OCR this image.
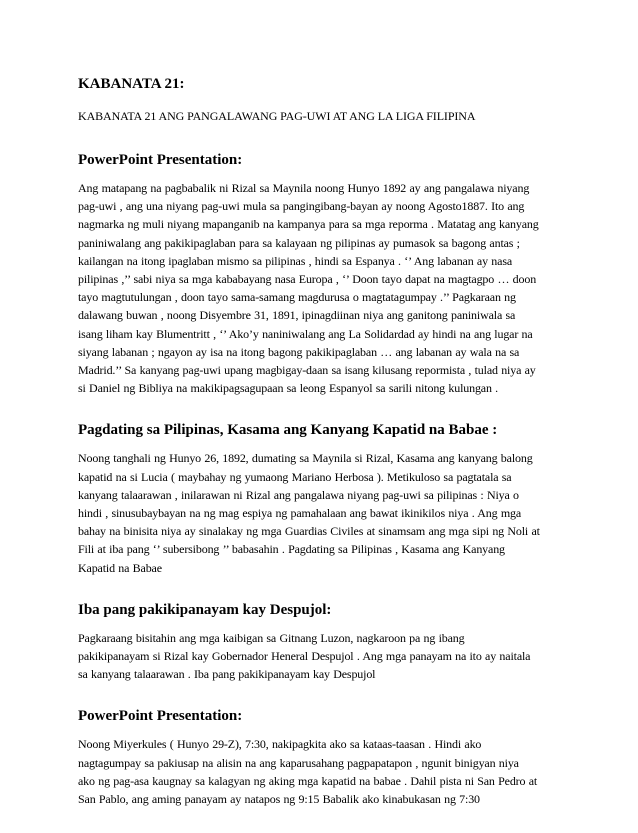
KABANATA 21:
KABANATA 21 ANG PANGALAWANG PAG-UWI AT ANG LA LIGA FILIPINA
PowerPoint Presentation:
Ang matapang na pagbabalik ni Rizal sa Maynila noong Hunyo 1892 ay ang pangalawa niyang
pag-uwi , ang una niyang pag-uwi mula sa pangingibang-bayan ay noong Agosto1887. Ito ang
nagmarka ng muli niyang mapanganib na kampanya para sa mga reporma . Matatag ang kanyang
paniniwalang ang pakikipaglaban para sa kalayaan ng pilipinas ay pumasok sa bagong antas ;
kailangan na itong ipaglaban mismo sa pilipinas , hindi sa Espanya . ‘’ Ang labanan ay nasa
pilipinas ,’’ sabi niya sa mga kababayang nasa Europa , ‘’ Doon tayo dapat na magtagpo … doon
tayo magtutulungan , doon tayo sama-samang magdurusa o magtatagumpay .’’ Pagkaraan ng
dalawang buwan , noong Disyembre 31, 1891, ipinagdiinan niya ang ganitong paniniwala sa
isang liham kay Blumentritt , ‘’ Ako’y naniniwalang ang La Solidardad ay hindi na ang lugar na
siyang labanan ; ngayon ay isa na itong bagong pakikipaglaban … ang labanan ay wala na sa
Madrid.’’ Sa kanyang pag-uwi upang magbigay-daan sa isang kilusang repormista , tulad niya ay
si Daniel ng Bibliya na makikipagsagupaan sa leong Espanyol sa sarili nitong kulungan .
Pagdating sa Pilipinas, Kasama ang Kanyang Kapatid na Babae :
Noong tanghali ng Hunyo 26, 1892, dumating sa Maynila si Rizal, Kasama ang kanyang balong
kapatid na si Lucia ( maybahay ng yumaong Mariano Herbosa ). Metikuloso sa pagtatala sa
kanyang talaarawan , inilarawan ni Rizal ang pangalawa niyang pag-uwi sa pilipinas : Niya o
hindi , sinusubaybayan na ng mag espiya ng pamahalaan ang bawat ikinikilos niya . Ang mga
bahay na binisita niya ay sinalakay ng mga Guardias Civiles at sinamsam ang mga sipi ng Noli at
Fili at iba pang ‘’ subersibong ’’ babasahin . Pagdating sa Pilipinas , Kasama ang Kanyang
Kapatid na Babae
Iba pang pakikipanayam kay Despujol:
Pagkaraang bisitahin ang mga kaibigan sa Gitnang Luzon, nagkaroon pa ng ibang
pakikipanayam si Rizal kay Gobernador Heneral Despujol . Ang mga panayam na ito ay naitala
sa kanyang talaarawan . Iba pang pakikipanayam kay Despujol
PowerPoint Presentation:
Noong Miyerkules ( Hunyo 29-Z), 7:30, nakipagkita ako sa kataas-taasan . Hindi ako
nagtagumpay sa pakiusap na alisin na ang kaparusahang pagpapatapon , ngunit binigyan niya
ako ng pag-asa kaugnay sa kalagyan ng aking mga kapatid na babae . Dahil pista ni San Pedro at
San Pablo, ang aming panayam ay natapos ng 9:15 Babalik ako kinabukasan ng 7:30
